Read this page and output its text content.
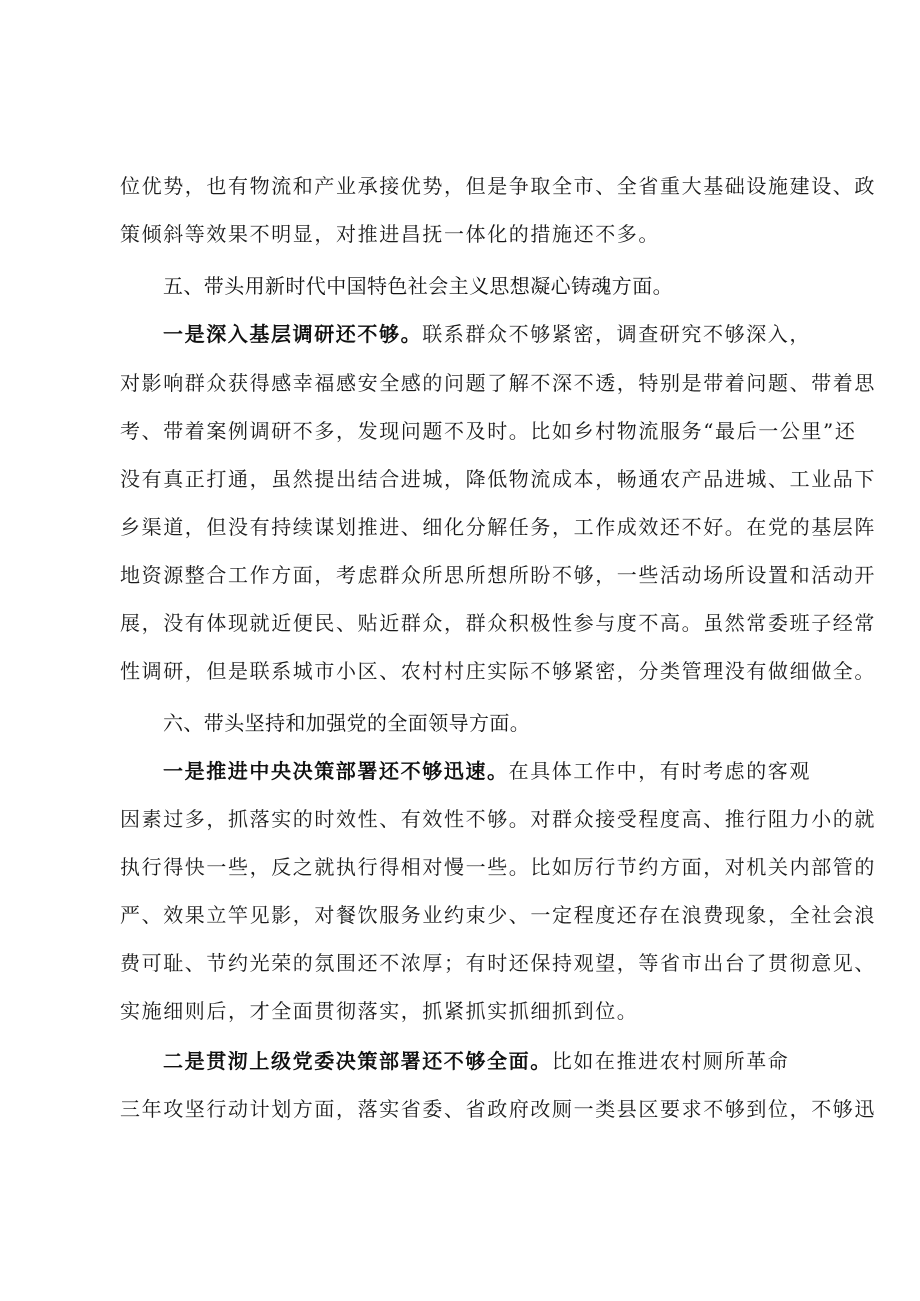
位优势，也有物流和产业承接优势，但是争取全市、全省重大基础设施建设、政
策倾斜等效果不明显，对推进昌抚一体化的措施还不多。
五、带头用新时代中国特色社会主义思想凝心铸魂方面。
一是深入基层调研还不够。联系群众不够紧密，调查研究不够深入，
对影响群众获得感幸福感安全感的问题了解不深不透，特别是带着问题、带着思
考、带着案例调研不多，发现问题不及时。比如乡村物流服务“最后一公里”还
没有真正打通，虽然提出结合进城，降低物流成本，畅通农产品进城、工业品下
乡渠道，但没有持续谋划推进、细化分解任务，工作成效还不好。在党的基层阵
地资源整合工作方面，考虑群众所思所想所盼不够，一些活动场所设置和活动开
展，没有体现就近便民、贴近群众，群众积极性参与度不高。虽然常委班子经常
性调研，但是联系城市小区、农村村庄实际不够紧密，分类管理没有做细做全。
六、带头坚持和加强党的全面领导方面。
一是推进中央决策部署还不够迅速。在具体工作中，有时考虑的客观
因素过多，抓落实的时效性、有效性不够。对群众接受程度高、推行阻力小的就
执行得快一些，反之就执行得相对慢一些。比如厉行节约方面，对机关内部管的
严、效果立竿见影，对餐饮服务业约束少、一定程度还存在浪费现象，全社会浪
费可耻、节约光荣的氛围还不浓厚；有时还保持观望，等省市出台了贯彻意见、
实施细则后，才全面贯彻落实，抓紧抓实抓细抓到位。
二是贯沏上级党委决策部署还不够全面。比如在推进农村厕所革命
三年攻坚行动计划方面，落实省委、省政府改厕一类县区要求不够到位，不够迅
